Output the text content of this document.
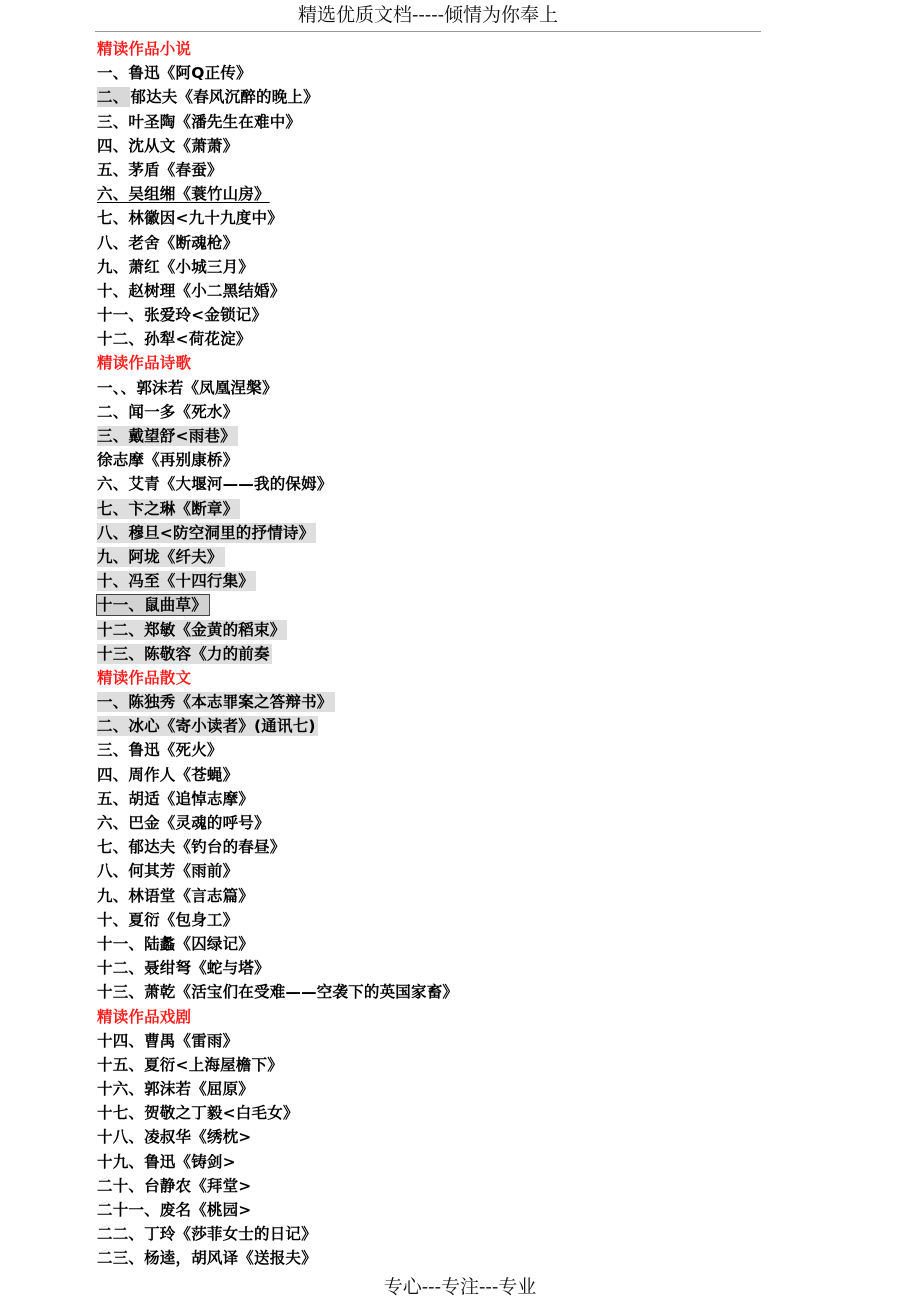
精选优质文档-----倾情为你奉上
精读作品小说
一、鲁迅《阿Q正传》
二、 郁达夫《春风沉醉的晚上》
三、叶圣陶《潘先生在难中》
四、沈从文《萧萧》
五、茅盾《春蚕》
六、吴组缃《蓑竹山房》
七、林徽因<九十九度中》
八、老舍《断魂枪》
九、萧红《小城三月》
十、赵树理《小二黑结婚》
十一、张爱玲<金锁记》
十二、孙犁<荷花淀》
精读作品诗歌
一、、郭沫若《凤凰涅槃》
二、闻一多《死水》
三、戴望舒<雨巷》
徐志摩《再别康桥》
六、艾青《大堰河——我的保姆》
七、卞之琳《断章》
八、穆旦<防空洞里的抒情诗》
九、阿垅《纤夫》
十、冯至《十四行集》
十一、鼠曲草》
十二、郑敏《金黄的稻束》
十三、陈敬容《力的前奏
精读作品散文
一、陈独秀《本志罪案之答辩书》
二、冰心《寄小读者》(通讯七)
三、鲁迅《死火》
四、周作人《苍蝇》
五、胡适《追悼志摩》
六、巴金《灵魂的呼号》
七、郁达夫《钓台的春昼》
八、何其芳《雨前》
九、林语堂《言志篇》
十、夏衍《包身工》
十一、陆蠡《囚绿记》
十二、聂绀弩《蛇与塔》
十三、萧乾《活宝们在受难——空袭下的英国家畜》
精读作品戏剧
十四、曹禺《雷雨》
十五、夏衍<上海屋檐下》
十六、郭沫若《屈原》
十七、贺敬之丁毅<白毛女》
十八、凌叔华《绣枕>
十九、鲁迅《铸剑>
二十、台静农《拜堂>
二十一、废名《桃园>
二二、丁玲《莎菲女士的日记》
二三、杨逵，胡风译《送报夫》
专心---专注---专业
